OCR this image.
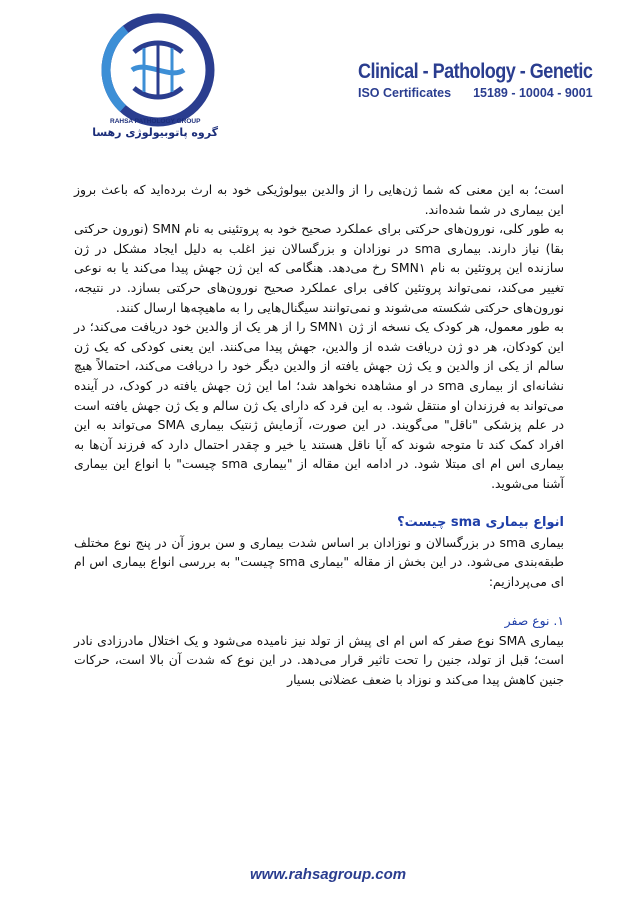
RAHSA PATHOLOGY GROUP
گروه پاتوبیولوژی رهسا
Clinical - Pathology - Genetic
ISO Certificates 15189 - 10004 - 9001

است؛ به این معنی که شما ژن‌هایی را از والدین بیولوژیکی خود به ارث برده‌اید که باعث بروز این بیماری در شما شده‌اند.

به طور کلی، نورون‌های حرکتی برای عملکرد صحیح خود به پروتئینی به نام SMN (نورون حرکتی بقا) نیاز دارند. بیماری sma در نوزادان و بزرگسالان نیز اغلب به دلیل ایجاد مشکل در ژن سازنده این پروتئین به نام SMN۱ رخ می‌دهد. هنگامی که این ژن جهش پیدا می‌کند یا به نوعی تغییر می‌کند، نمی‌تواند پروتئین کافی برای عملکرد صحیح نورون‌های حرکتی بسازد. در نتیجه، نورون‌های حرکتی شکسته می‌شوند و نمی‌توانند سیگنال‌هایی را به ماهیچه‌ها ارسال کنند.

به طور معمول، هر کودک یک نسخه از ژن SMN۱ را از هر یک از والدین خود دریافت می‌کند؛ در این کودکان، هر دو ژن دریافت شده از والدین، جهش پیدا می‌کنند. این یعنی کودکی که یک ژن سالم از یکی از والدین و یک ژن جهش یافته از والدین دیگر خود را دریافت می‌کند، احتمالاً هیچ نشانه‌ای از بیماری sma در او مشاهده نخواهد شد؛ اما این ژن جهش یافته در کودک، در آینده می‌تواند به فرزندان او منتقل شود. به این فرد که دارای یک ژن سالم و یک ژن جهش یافته است در علم پزشکی "ناقل" می‌گویند. در این صورت، آزمایش ژنتیک بیماری SMA می‌تواند به این افراد کمک کند تا متوجه شوند که آیا ناقل هستند یا خیر و چقدر احتمال دارد که فرزند آن‌ها به بیماری اس ام ای مبتلا شود. در ادامه این مقاله از "بیماری sma چیست" با انواع این بیماری آشنا می‌شوید.

انواع بیماری sma چیست؟

بیماری sma در بزرگسالان و نوزادان بر اساس شدت بیماری و سن بروز آن در پنج نوع مختلف طبقه‌بندی می‌شود. در این بخش از مقاله "بیماری sma چیست" به بررسی انواع بیماری اس ام ای می‌پردازیم:

۱. نوع صفر

بیماری SMA نوع صفر که اس ام ای پیش از تولد نیز نامیده می‌شود و یک اختلال مادرزادی نادر است؛ قبل از تولد، جنین را تحت تاثیر قرار می‌دهد. در این نوع که شدت آن بالا است، حرکات جنین کاهش پیدا می‌کند و نوزاد با ضعف عضلانی بسیار

www.rahsagroup.com
